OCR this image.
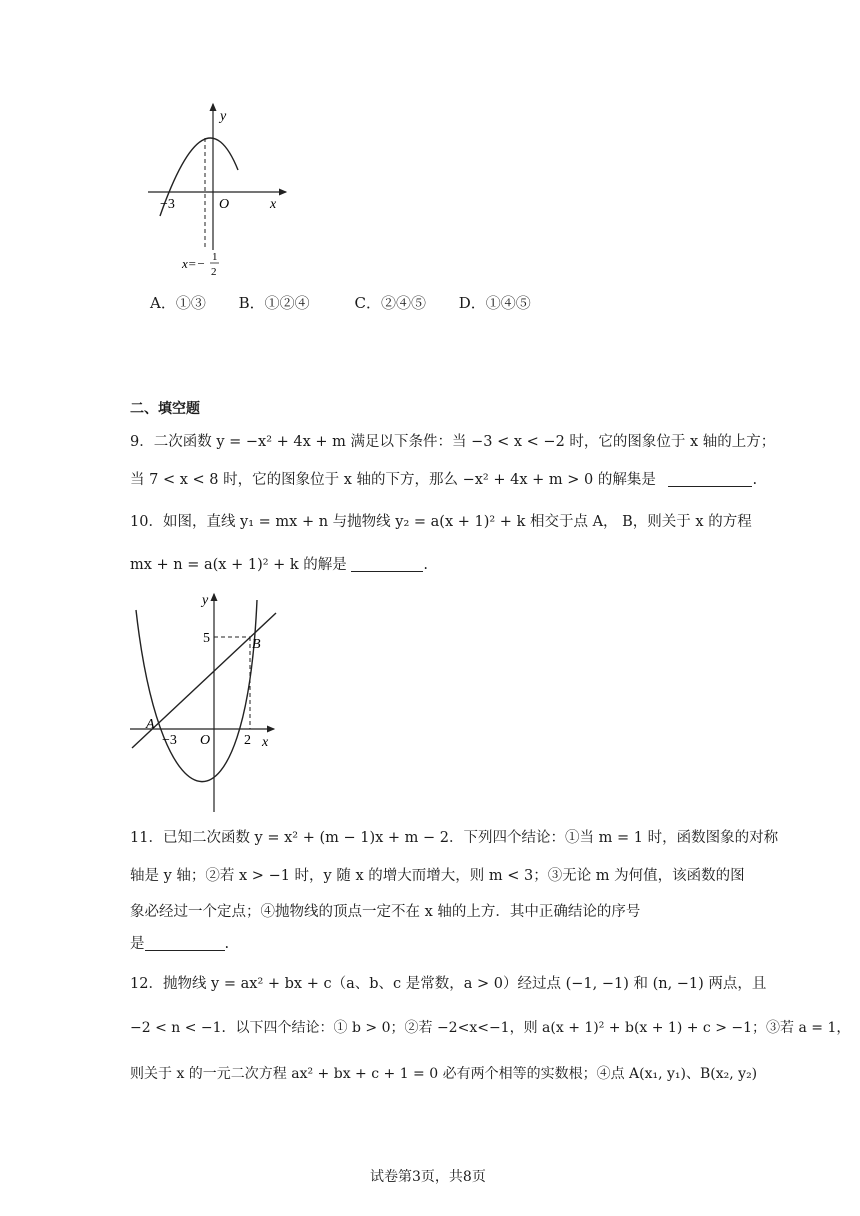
y
x
O
−3
x=− 1
2
A．①③ B．①②④	C．②④⑤ D．①④⑤
二、填空题
9．二次函数 y = −x² + 4x + m 满足以下条件：当 −3 < x < −2 时，它的图象位于 x 轴的上方；
当 7 < x < 8 时，它的图象位于 x 轴的下方，那么 −x² + 4x + m > 0 的解集是	.
10．如图，直线 y₁ = mx + n 与抛物线 y₂ = a(x + 1)² + k 相交于点 A， B，则关于 x 的方程
mx + n = a(x + 1)² + k 的解是	.
y
x
O
−3	2
5
A
B
11．已知二次函数 y = x² + (m − 1)x + m − 2．下列四个结论：①当 m = 1 时，函数图象的对称
轴是 y 轴；②若 x > −1 时，y 随 x 的增大而增大，则 m < 3；③无论 m 为何值，该函数的图
象必经过一个定点；④抛物线的顶点一定不在 x 轴的上方．其中正确结论的序号
是	.
12．抛物线 y = ax² + bx + c（a、b、c 是常数，a > 0）经过点 (−1, −1) 和 (n, −1) 两点，且
−2 < n < −1．以下四个结论：① b > 0；②若 −2<x<−1，则 a(x + 1)² + b(x + 1) + c > −1；③若 a = 1，
则关于 x 的一元二次方程 ax² + bx + c + 1 = 0 必有两个相等的实数根；④点 A(x₁, y₁)、B(x₂, y₂)
试卷第3页，共8页
